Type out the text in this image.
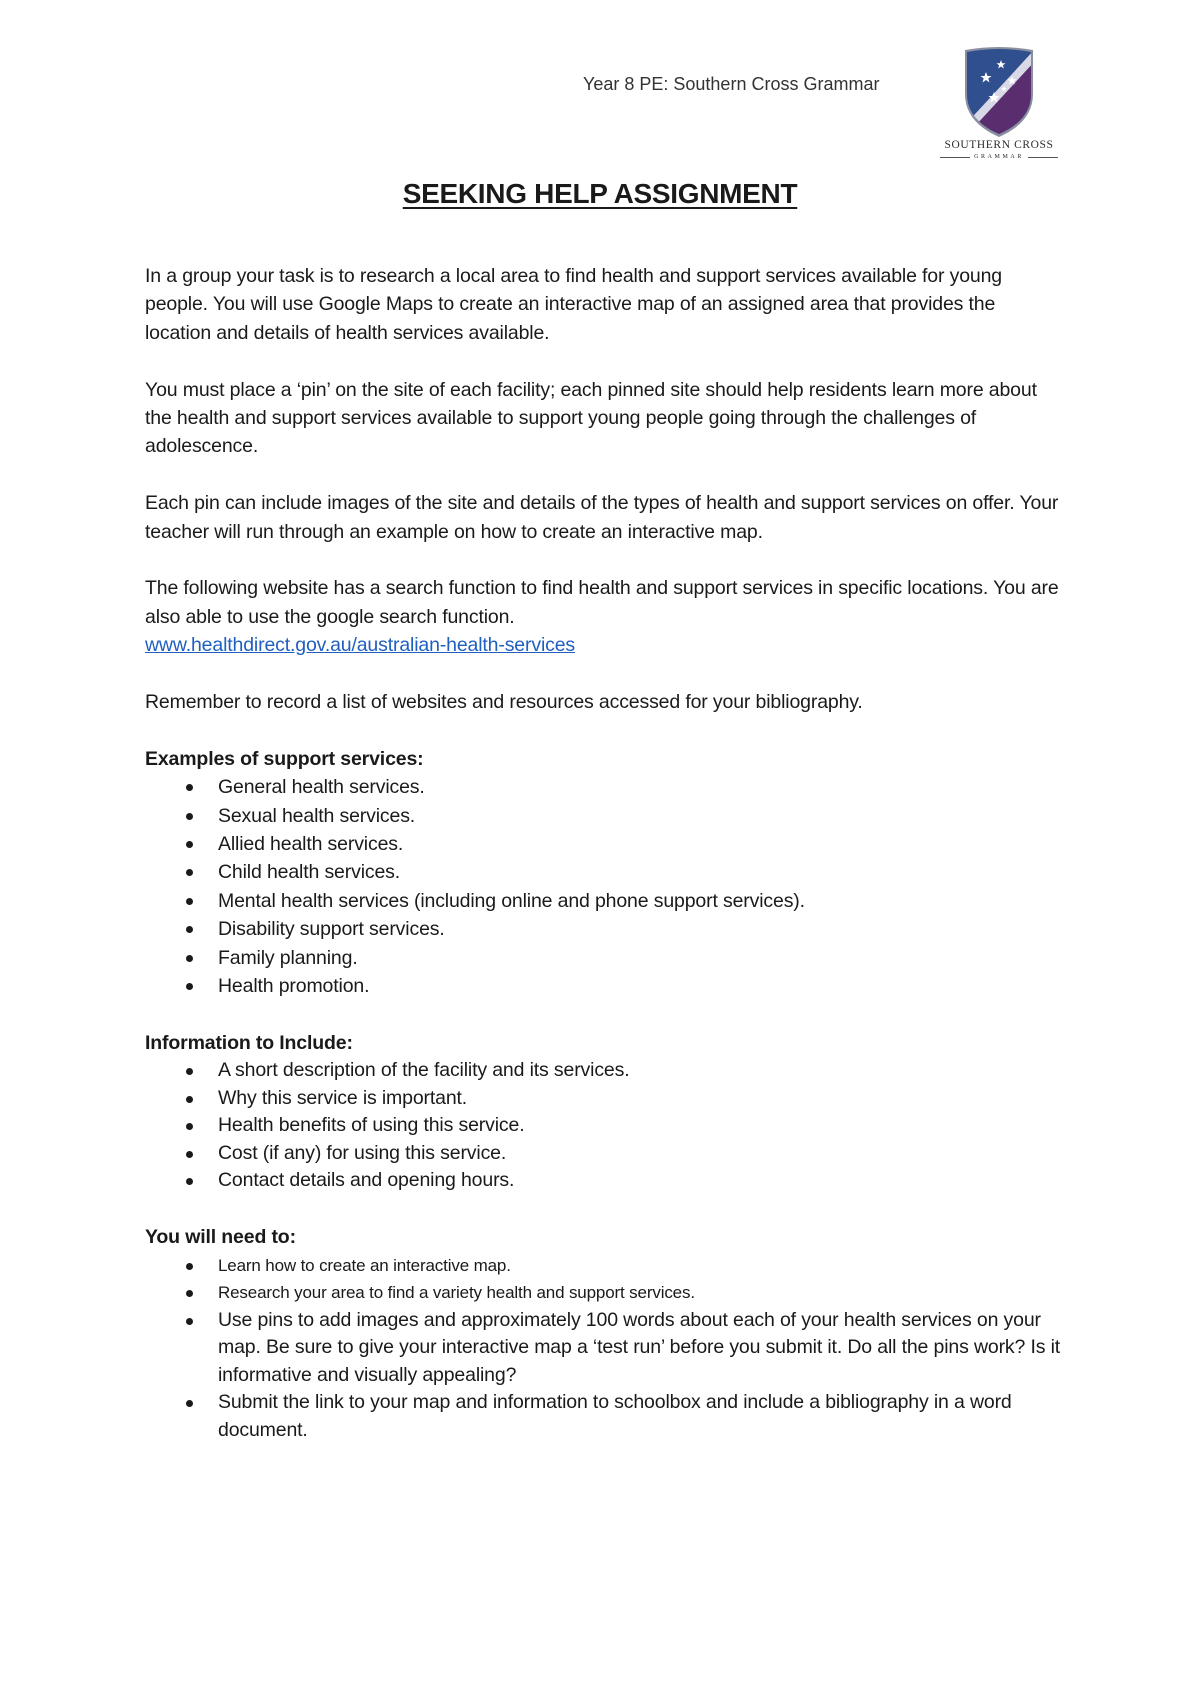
Year 8 PE: Southern Cross Grammar
SOUTHERN CROSS
GRAMMAR
SEEKING HELP ASSIGNMENT

In a group your task is to research a local area to find health and support services available for young people. You will use Google Maps to create an interactive map of an assigned area that provides the location and details of health services available.

You must place a ‘pin’ on the site of each facility; each pinned site should help residents learn more about the health and support services available to support young people going through the challenges of adolescence.

Each pin can include images of the site and details of the types of health and support services on offer. Your teacher will run through an example on how to create an interactive map.

The following website has a search function to find health and support services in specific locations. You are also able to use the google search function.
www.healthdirect.gov.au/australian-health-services

Remember to record a list of websites and resources accessed for your bibliography.

Examples of support services:
General health services.
Sexual health services.
Allied health services.
Child health services.
Mental health services (including online and phone support services).
Disability support services.
Family planning.
Health promotion.
Information to Include:
A short description of the facility and its services.
Why this service is important.
Health benefits of using this service.
Cost (if any) for using this service.
Contact details and opening hours.
You will need to:
Learn how to create an interactive map.
Research your area to find a variety health and support services.
Use pins to add images and approximately 100 words about each of your health services on your map. Be sure to give your interactive map a ‘test run’ before you submit it. Do all the pins work? Is it informative and visually appealing?
Submit the link to your map and information to schoolbox and include a bibliography in a word document.
